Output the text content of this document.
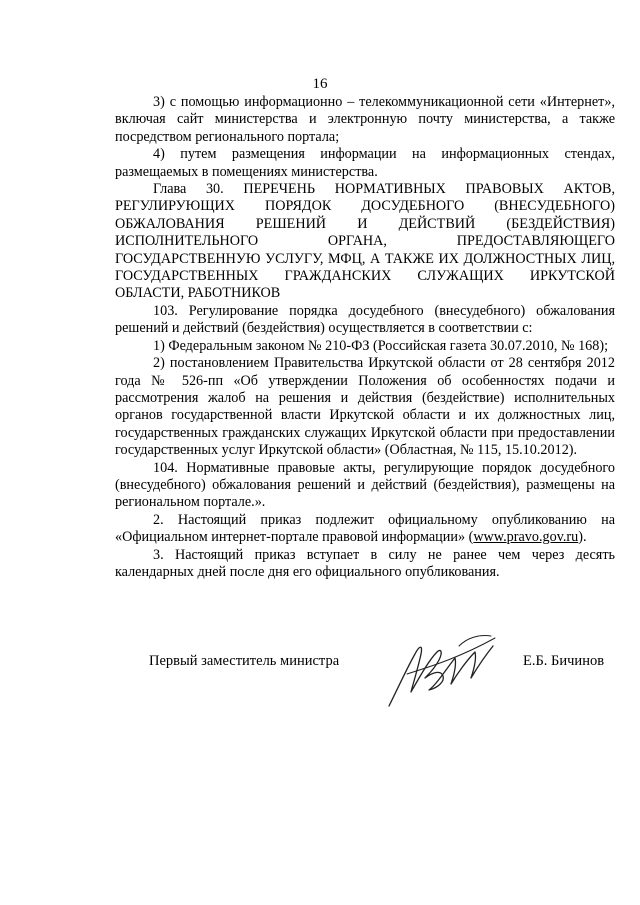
16

3) с помощью информационно – телекоммуникационной сети «Интернет», включая сайт министерства и электронную почту министерства, а также посредством регионального портала;

4) путем размещения информации на информационных стендах, размещаемых в помещениях министерства.

Глава 30. ПЕРЕЧЕНЬ НОРМАТИВНЫХ ПРАВОВЫХ АКТОВ, РЕГУЛИРУЮЩИХ ПОРЯДОК ДОСУДЕБНОГО (ВНЕСУДЕБНОГО) ОБЖАЛОВАНИЯ РЕШЕНИЙ И ДЕЙСТВИЙ (БЕЗДЕЙСТВИЯ) ИСПОЛНИТЕЛЬНОГО ОРГАНА, ПРЕДОСТАВЛЯЮЩЕГО ГОСУДАРСТВЕННУЮ УСЛУГУ, МФЦ, А ТАКЖЕ ИХ ДОЛЖНОСТНЫХ ЛИЦ, ГОСУДАРСТВЕННЫХ ГРАЖДАНСКИХ СЛУЖАЩИХ ИРКУТСКОЙ ОБЛАСТИ, РАБОТНИКОВ

103. Регулирование порядка досудебного (внесудебного) обжалования решений и действий (бездействия) осуществляется в соответствии с:

1) Федеральным законом № 210-ФЗ (Российская газета 30.07.2010, № 168);

2) постановлением Правительства Иркутской области от 28 сентября 2012 года № 526-пп «Об утверждении Положения об особенностях подачи и рассмотрения жалоб на решения и действия (бездействие) исполнительных органов государственной власти Иркутской области и их должностных лиц, государственных гражданских служащих Иркутской области при предоставлении государственных услуг Иркутской области» (Областная, № 115, 15.10.2012).

104. Нормативные правовые акты, регулирующие порядок досудебного (внесудебного) обжалования решений и действий (бездействия), размещены на региональном портале.».

2. Настоящий приказ подлежит официальному опубликованию на «Официальном интернет-портале правовой информации» (www.pravo.gov.ru).

3. Настоящий приказ вступает в силу не ранее чем через десять календарных дней после дня его официального опубликования.

Первый заместитель министра	Е.Б. Бичинов
